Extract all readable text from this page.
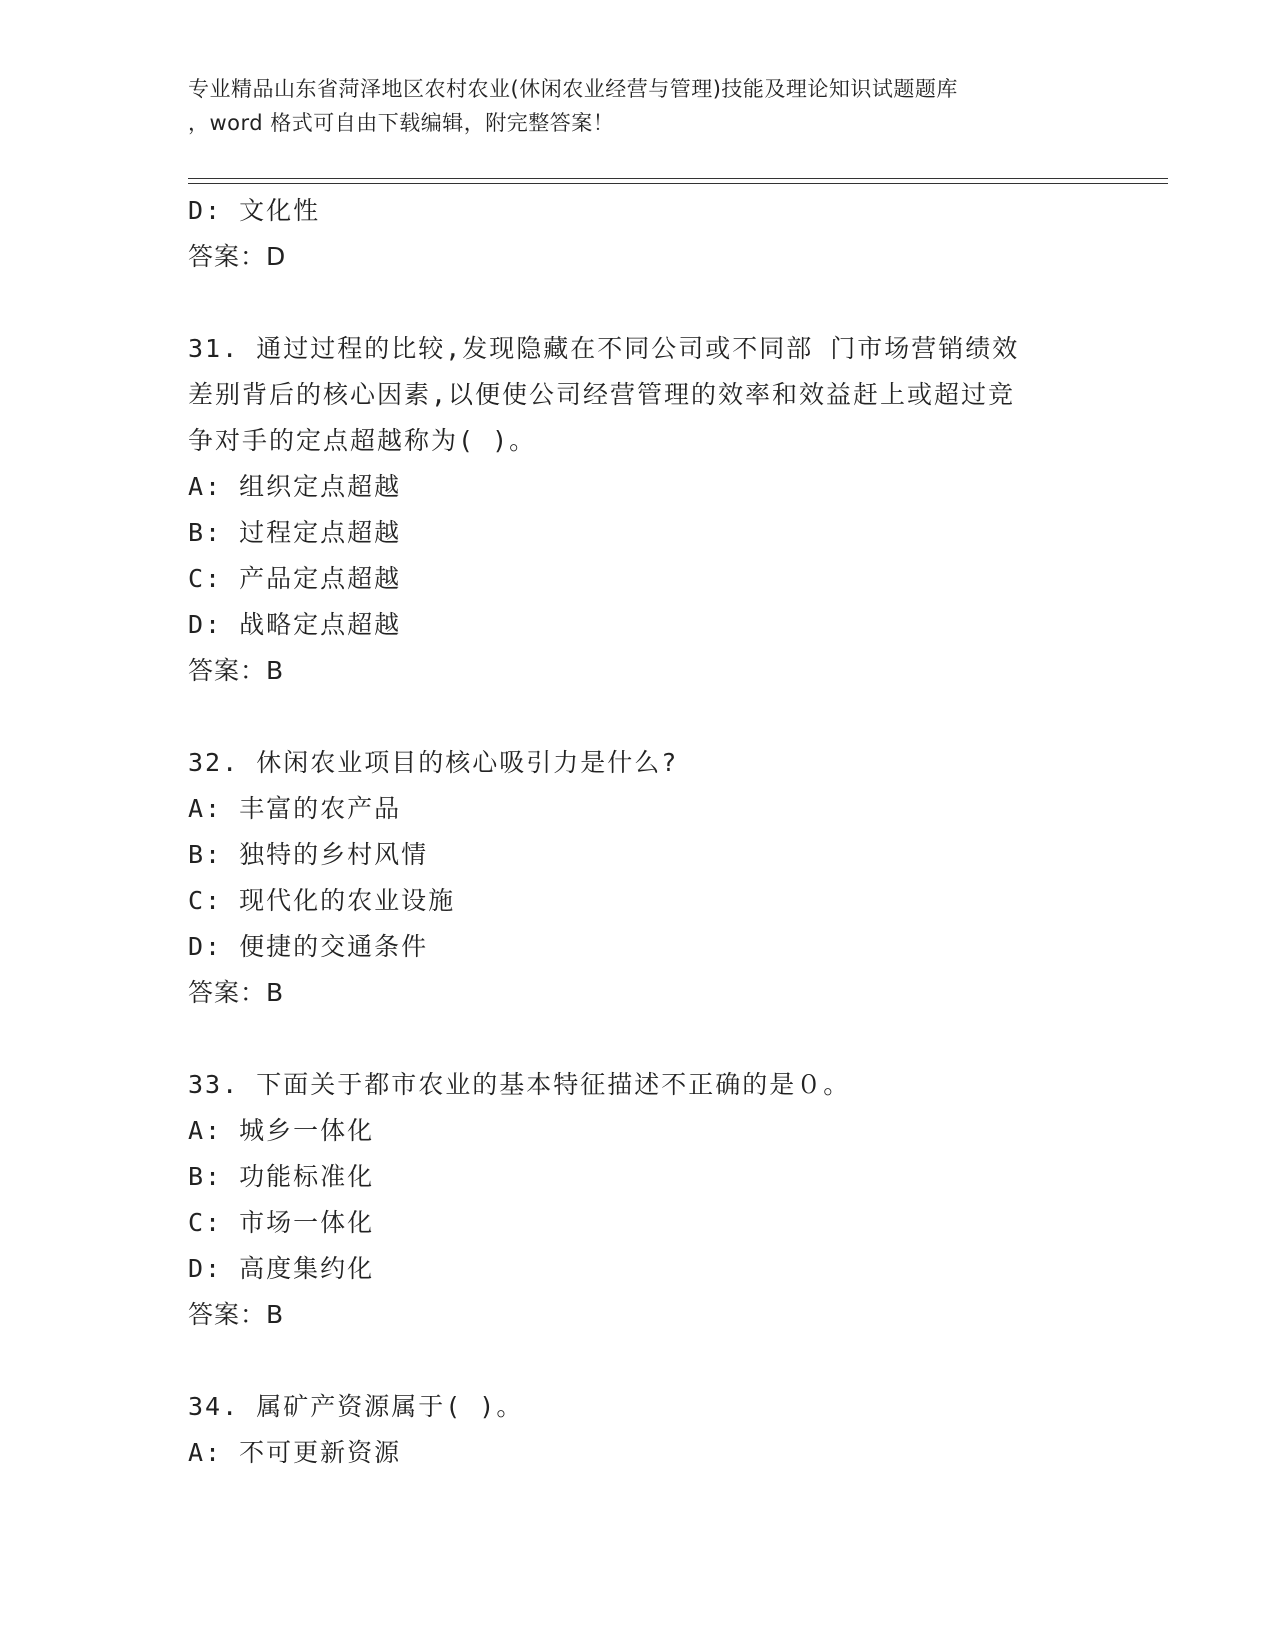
专业精品山东省菏泽地区农村农业(休闲农业经营与管理)技能及理论知识试题题库
，word 格式可自由下载编辑，附完整答案！
D: 文化性
答案：D
31. 通过过程的比较,发现隐藏在不同公司或不同部 门市场营销绩效
差别背后的核心因素,以便使公司经营管理的效率和效益赶上或超过竞
争对手的定点超越称为( )。
A: 组织定点超越
B: 过程定点超越
C: 产品定点超越
D: 战略定点超越
答案：B
32. 休闲农业项目的核心吸引力是什么?
A: 丰富的农产品
B: 独特的乡村风情
C: 现代化的农业设施
D: 便捷的交通条件
答案：B
33. 下面关于都市农业的基本特征描述不正确的是０。
A: 城乡一体化
B: 功能标准化
C: 市场一体化
D: 高度集约化
答案：B
34. 属矿产资源属于( )。
A: 不可更新资源
